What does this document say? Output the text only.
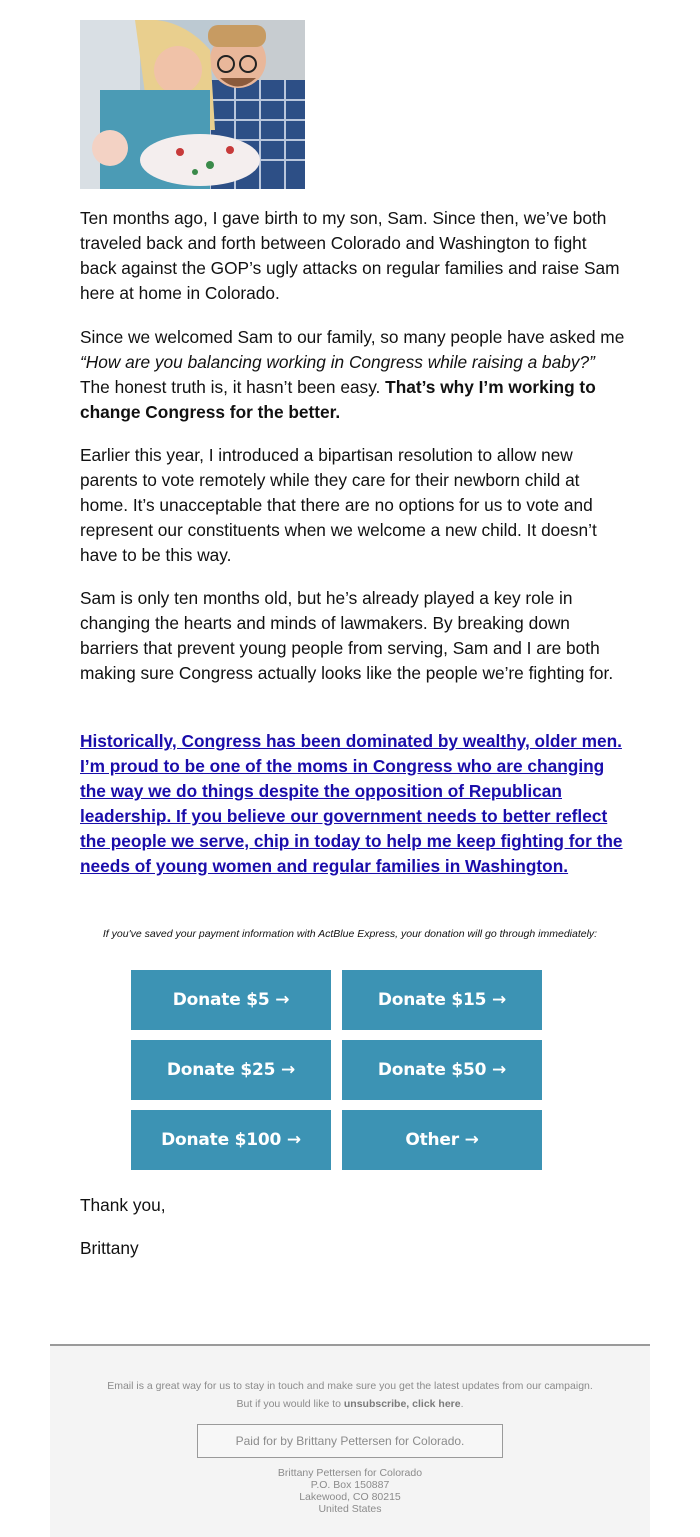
Ten months ago, I gave birth to my son, Sam. Since then, we’ve both traveled back and forth between Colorado and Washington to fight back against the GOP’s ugly attacks on regular families and raise Sam here at home in Colorado.

Since we welcomed Sam to our family, so many people have asked me “How are you balancing working in Congress while raising a baby?” The honest truth is, it hasn’t been easy. That’s why I’m working to change Congress for the better.

Earlier this year, I introduced a bipartisan resolution to allow new parents to vote remotely while they care for their newborn child at home. It’s unacceptable that there are no options for us to vote and represent our constituents when we welcome a new child. It doesn’t have to be this way.

Sam is only ten months old, but he’s already played a key role in changing the hearts and minds of lawmakers. By breaking down barriers that prevent young people from serving, Sam and I are both making sure Congress actually looks like the people we’re fighting for.

Historically, Congress has been dominated by wealthy, older men. I’m proud to be one of the moms in Congress who are changing the way we do things despite the opposition of Republican leadership. If you believe our government needs to better reflect the people we serve, chip in today to help me keep fighting for the needs of young women and regular families in Washington.

If you've saved your payment information with ActBlue Express, your donation will go through immediately:
Donate $5 →	Donate $15 →
Donate $25 →	Donate $50 →
Donate $100 →	Other →
Thank you,
Brittany
Email is a great way for us to stay in touch and make sure you get the latest updates from our campaign.
But if you would like to unsubscribe, click here.
Paid for by Brittany Pettersen for Colorado.
Brittany Pettersen for Colorado
P.O. Box 150887
Lakewood, CO 80215
United States
